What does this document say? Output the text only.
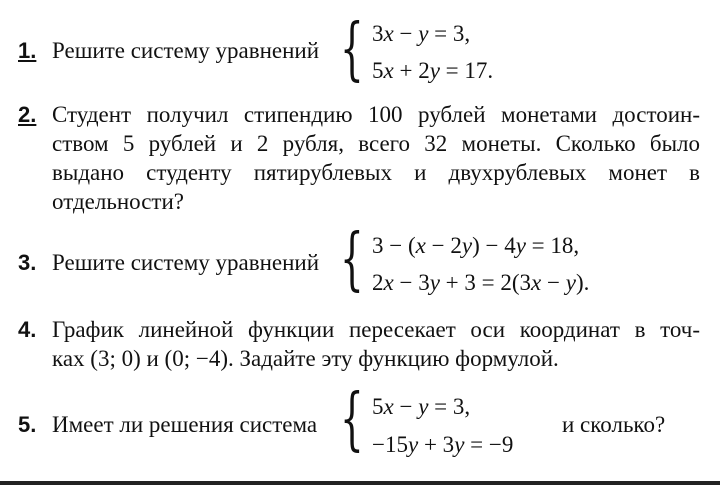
1. Решите систему уравнений { 3x − y = 3,
5x + 2y = 17.
2. Студент получил стипендию 100 рублей монетами достоин-
ством 5 рублей и 2 рубля, всего 32 монеты. Сколько было
выдано студенту пятирублевых и двухрублевых монет в
отдельности?
3. Решите систему уравнений { 3 − (x − 2y) − 4y = 18,
2x − 3y + 3 = 2(3x − y).
4. График линейной функции пересекает оси координат в точ-
ках (3; 0) и (0; −4). Задайте эту функцию формулой.
5. Имеет ли решения система { 5x − y = 3,
−15y + 3y = −9
и сколько?
